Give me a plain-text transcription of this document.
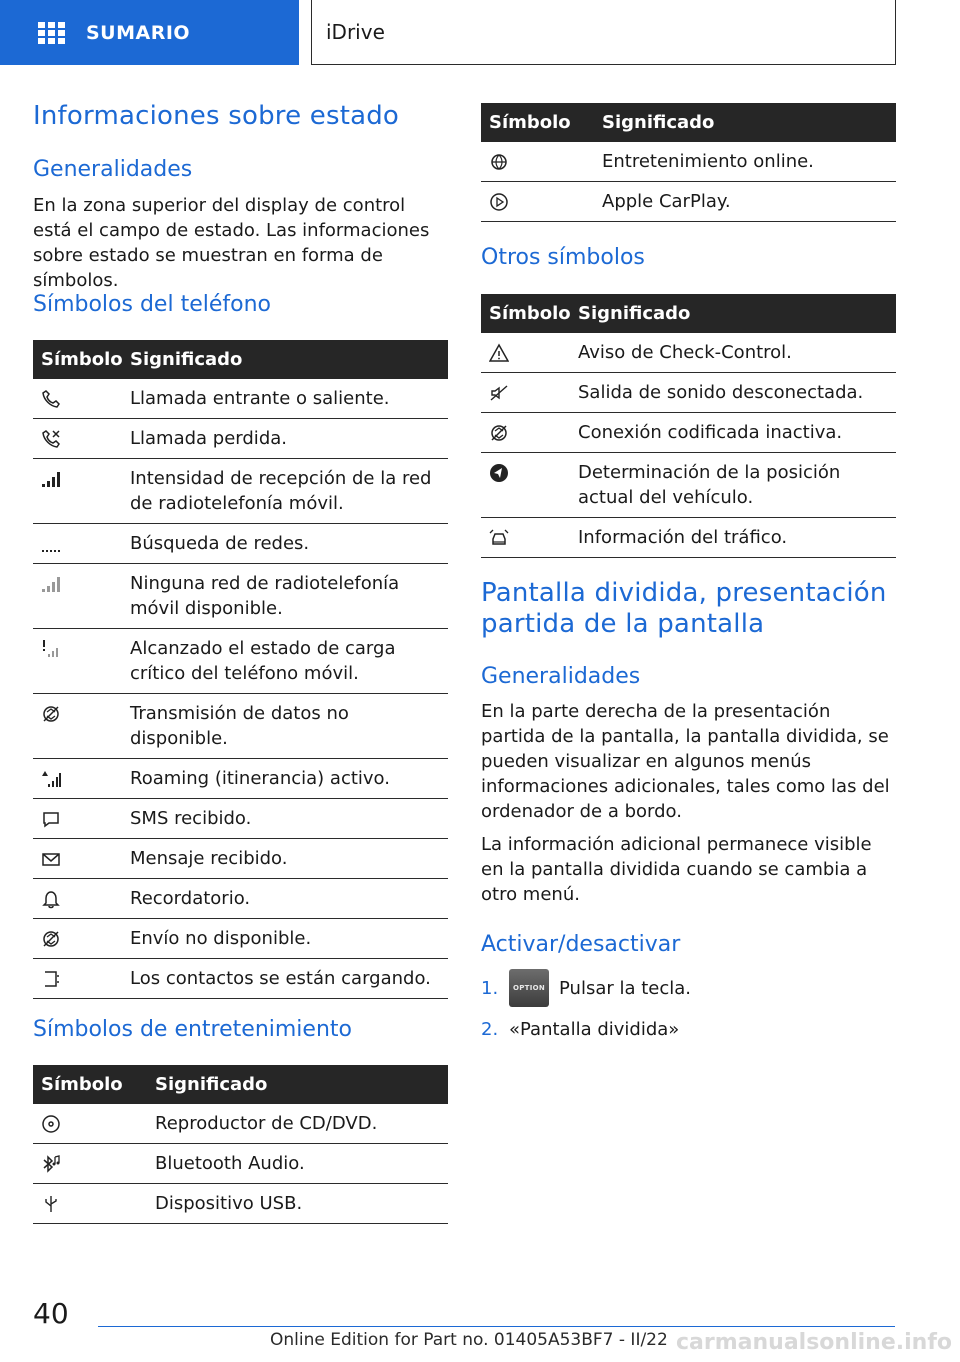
SUMARIO	iDrive
Informaciones sobre estado
Generalidades
En la zona superior del display de control está el campo de estado. Las informaciones sobre estado se muestran en forma de símbolos.
Símbolos del teléfono
Símbolo	Significado

	Llamada entrante o saliente.

	Llamada perdida.

	Intensidad de recepción de la red de radiotelefonía móvil.

	Búsqueda de redes.

	Ninguna red de radiotelefonía móvil disponible.

	Alcanzado el estado de carga crítico del teléfono móvil.

	Transmisión de datos no disponible.

	Roaming (itinerancia) activo.

	SMS recibido.

	Mensaje recibido.

	Recordatorio.

	Envío no disponible.

	Los contactos se están cargando.
Símbolos de entretenimiento
Símbolo	Significado

	Reproductor de CD/DVD.

	Bluetooth Audio.

	Dispositivo USB.
Símbolo	Significado

	Entretenimiento online.

	Apple CarPlay.
Otros símbolos
Símbolo	Significado

	Aviso de Check-Control.

	Salida de sonido desconectada.

	Conexión codificada inactiva.

	Determinación de la posición actual del vehículo.

	Información del tráfico.
Pantalla dividida, presentación partida de la pantalla
Generalidades
En la parte derecha de la presentación partida de la pantalla, la pantalla dividida, se pueden visualizar en algunos menús informaciones adicionales, tales como las del ordenador de a bordo.
La información adicional permanece visible en la pantalla dividida cuando se cambia a otro menú.
Activar/desactivar
1.	OPTION Pulsar la tecla.
2. «Pantalla dividida»
40
Online Edition for Part no. 01405A53BF7 - II/22 carmanualsonline.info
